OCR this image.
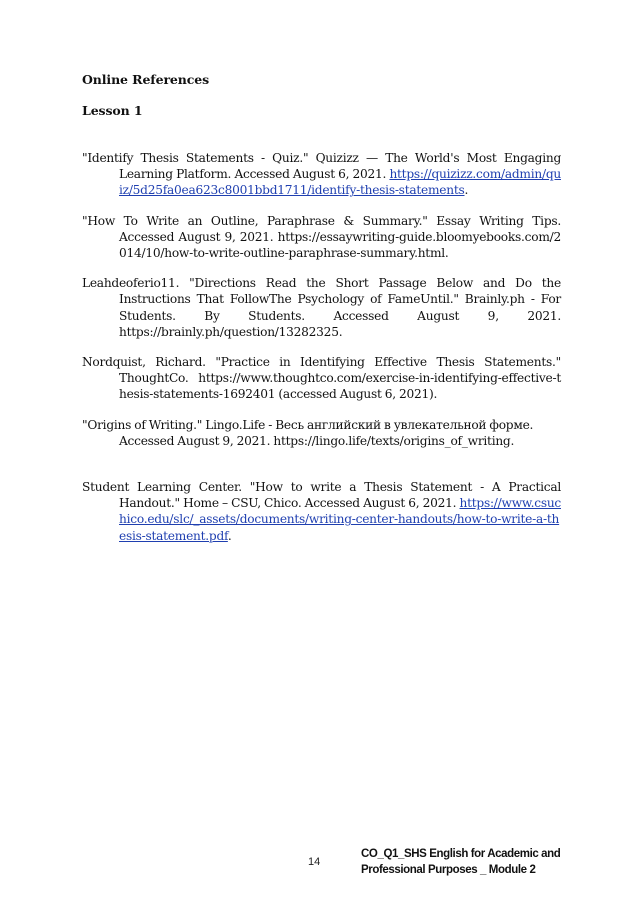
Online References
Lesson 1

"Identify Thesis Statements - Quiz." Quizizz — The World's Most Engaging Learning Platform. Accessed August 6, 2021. https://quizizz.com/admin/quiz/5d25fa0ea623c8001bbd1711/identify-thesis-statements.

"How To Write an Outline, Paraphrase & Summary." Essay Writing Tips. Accessed August 9, 2021. https://essaywriting-guide.bloomyebooks.com/2014/10/how-to-write-outline-paraphrase-summary.html.

Leahdeoferio11. "Directions Read the Short Passage Below and Do the Instructions That FollowThe Psychology of FameUntil." Brainly.ph - For Students. By Students. Accessed August 9, 2021. https://brainly.ph/question/13282325.

Nordquist, Richard. "Practice in Identifying Effective Thesis Statements." ThoughtCo. https://www.thoughtco.com/exercise-in-identifying-effective-thesis-statements-1692401 (accessed August 6, 2021).

"Origins of Writing." Lingo.Life - Весь английский в увлекательной форме. Accessed August 9, 2021. https://lingo.life/texts/origins_of_writing.

Student Learning Center. "How to write a Thesis Statement - A Practical Handout." Home – CSU, Chico. Accessed August 6, 2021. https://www.csuchico.edu/slc/_assets/documents/writing-center-handouts/how-to-write-a-thesis-statement.pdf.

14
CO_Q1_SHS English for Academic and
Professional Purposes _ Module 2
